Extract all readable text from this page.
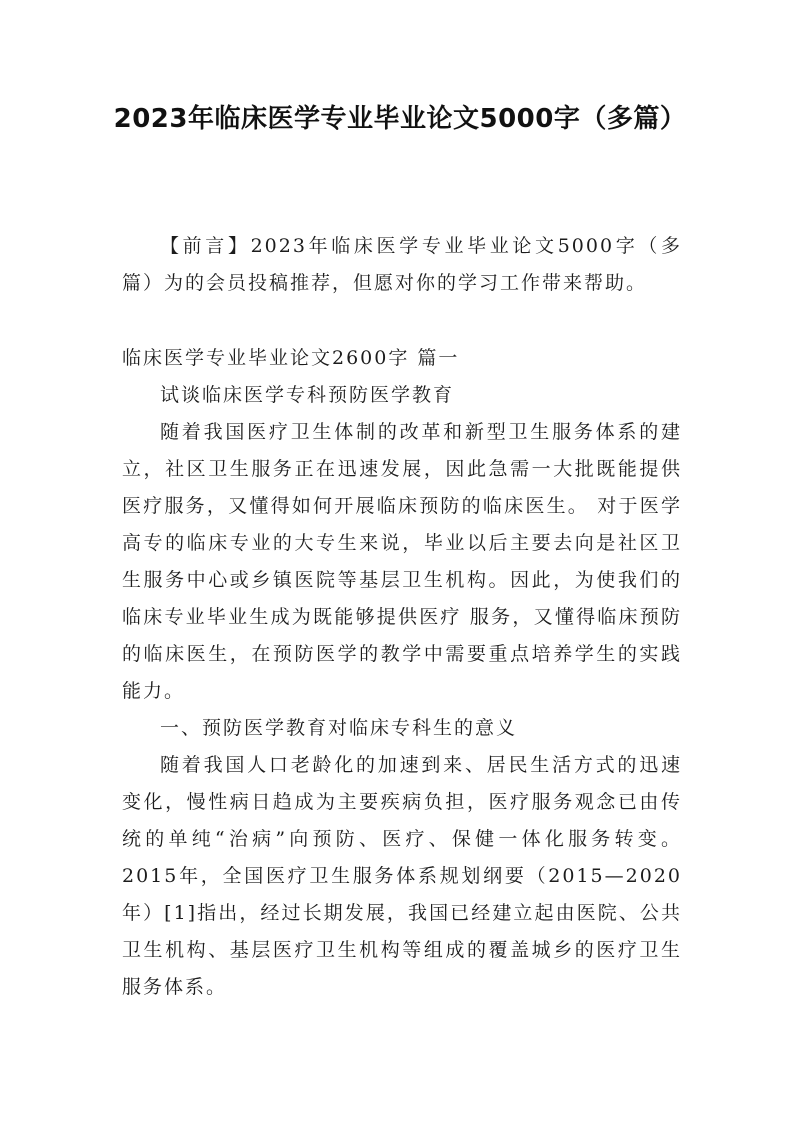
2023年临床医学专业毕业论文5000字（多篇）
【前言】2023年临床医学专业毕业论文5000字（多篇）为的会员投稿推荐，但愿对你的学习工作带来帮助。
临床医学专业毕业论文2600字 篇一
试谈临床医学专科预防医学教育
随着我国医疗卫生体制的改革和新型卫生服务体系的建立，社区卫生服务正在迅速发展，因此急需一大批既能提供医疗服务，又懂得如何开展临床预防的临床医生。 对于医学高专的临床专业的大专生来说，毕业以后主要去向是社区卫生服务中心或乡镇医院等基层卫生机构。因此，为使我们的临床专业毕业生成为既能够提供医疗 服务，又懂得临床预防的临床医生，在预防医学的教学中需要重点培养学生的实践能力。
一、预防医学教育对临床专科生的意义
随着我国人口老龄化的加速到来、居民生活方式的迅速变化，慢性病日趋成为主要疾病负担，医疗服务观念已由传统的单纯“治病”向预防、医疗、保健一体化服务转变。2015年，全国医疗卫生服务体系规划纲要（2015—2020年）[1]指出，经过长期发展，我国已经建立起由医院、公共卫生机构、基层医疗卫生机构等组成的覆盖城乡的医疗卫生服务体系。
